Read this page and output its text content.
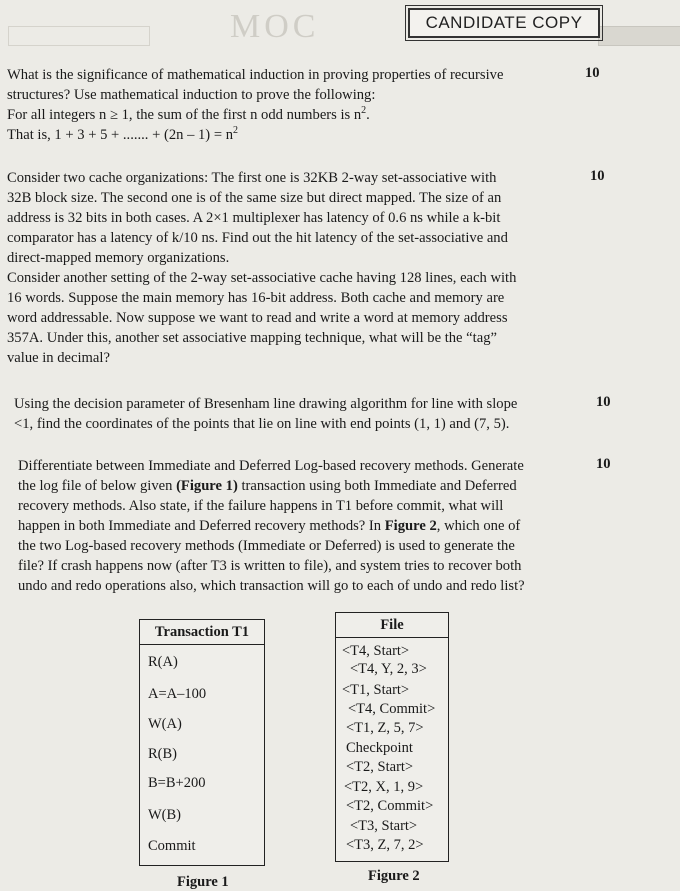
MOC	CANDIDATE COPY

What is the significance of mathematical induction in proving properties of recursive

structures? Use mathematical induction to prove the following:

For all integers n ≥ 1, the sum of the first n odd numbers is $n^2$.

That is, 1 + 3 + 5 + ....... + $(2n - 1) = n^2$

10

Consider two cache organizations: The first one is 32KB 2-way set-associative with

32B block size. The second one is of the same size but direct mapped. The size of an

address is 32 bits in both cases. A 2×1 multiplexer has latency of 0.6 ns while a k-bit

comparator has a latency of k/10 ns. Find out the hit latency of the set-associative and

direct-mapped memory organizations.

Consider another setting of the 2-way set-associative cache having 128 lines, each with

16 words. Suppose the main memory has 16-bit address. Both cache and memory are

word addressable. Now suppose we want to read and write a word at memory address

357A. Under this, another set associative mapping technique, what will be the “tag”

value in decimal?

10

Using the decision parameter of Bresenham line drawing algorithm for line with slope

<1, find the coordinates of the points that lie on line with end points (1, 1) and (7, 5).

10

Differentiate between Immediate and Deferred Log-based recovery methods. Generate

the log file of below given (Figure 1) transaction using both Immediate and Deferred

recovery methods. Also state, if the failure happens in T1 before commit, what will

happen in both Immediate and Deferred recovery methods? In Figure 2, which one of

the two Log-based recovery methods (Immediate or Deferred) is used to generate the

file? If crash happens now (after T3 is written to file), and system tries to recover both

undo and redo operations also, which transaction will go to each of undo and redo list?

10
Transaction T1
R(A)
A=A–100
W(A)
R(B)
B=B+200
W(B)
Commit
Figure 1
File
<T4, Start>
<T4, Y, 2, 3>
<T1, Start>
<T4, Commit>
<T1, Z, 5, 7>
Checkpoint
<T2, Start>
<T2, X, 1, 9>
<T2, Commit>
<T3, Start>
<T3, Z, 7, 2>
Figure 2
